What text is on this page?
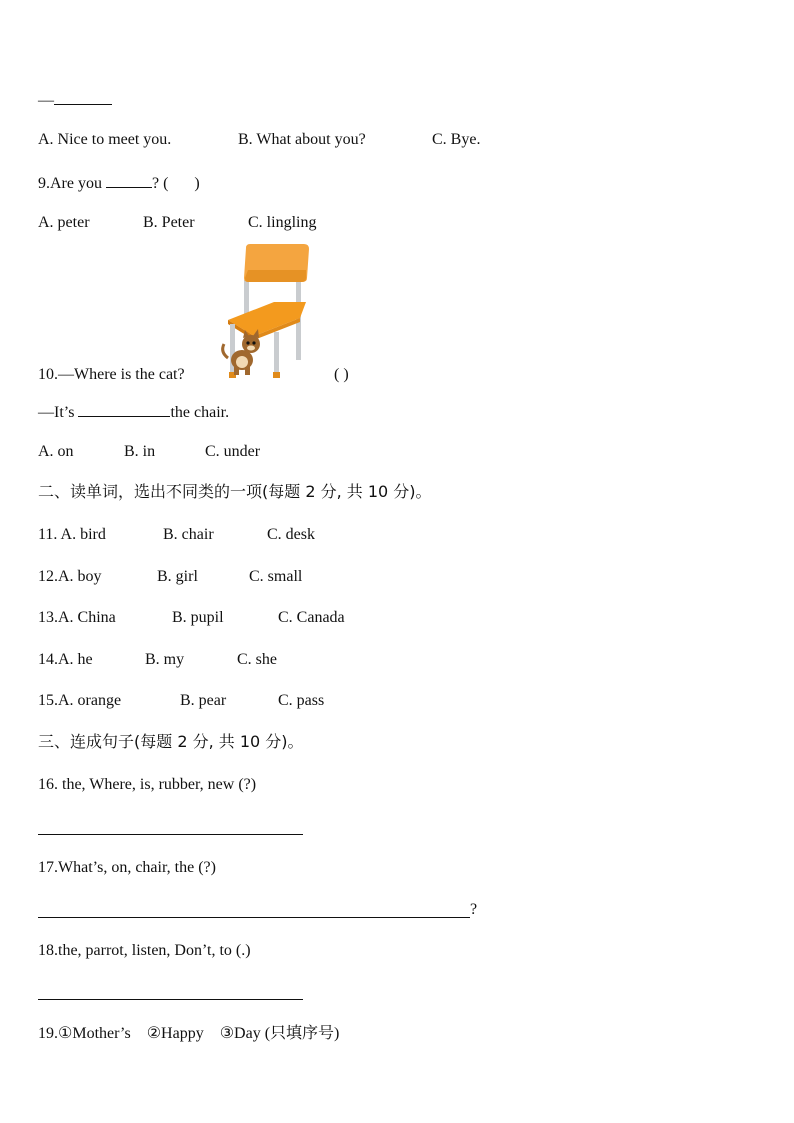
—
A. Nice to meet you.	B. What about you?	C. Bye.
9.Are you	? ( )
A. peter	B. Peter	C. lingling
10.—Where is the cat?	( )
—It’s	the chair.
A. on	B. in	C. under
二、读单词，选出不同类的一项(每题 2 分, 共 10 分)。
11. A. bird	B. chair	C. desk
12.A. boy	B. girl	C. small
13.A. China	B. pupil	C. Canada
14.A. he	B. my	C. she
15.A. orange	B. pear	C. pass
三、连成句子(每题 2 分, 共 10 分)。
16. the, Where, is, rubber, new (?)
17.What’s, on, chair, the (?)
?
18.the, parrot, listen, Don’t, to (.)
19.①Mother’s    ②Happy    ③Day (只填序号)
